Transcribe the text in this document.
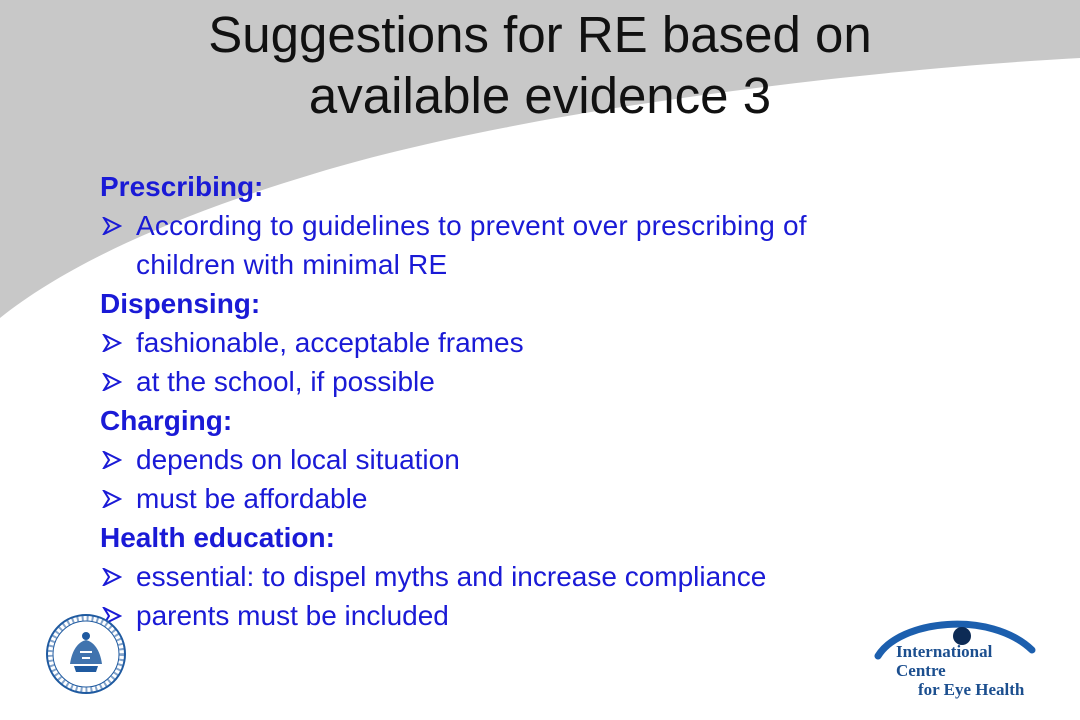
Suggestions for RE based on
available evidence 3

Prescribing:

According to guidelines to prevent over prescribing of
children with minimal RE

Dispensing:

fashionable, acceptable frames
at the school, if possible

Charging:

depends on local situation
must be affordable

Health education:

essential: to dispel myths and increase compliance
parents must be included
International Centre
for Eye Health
